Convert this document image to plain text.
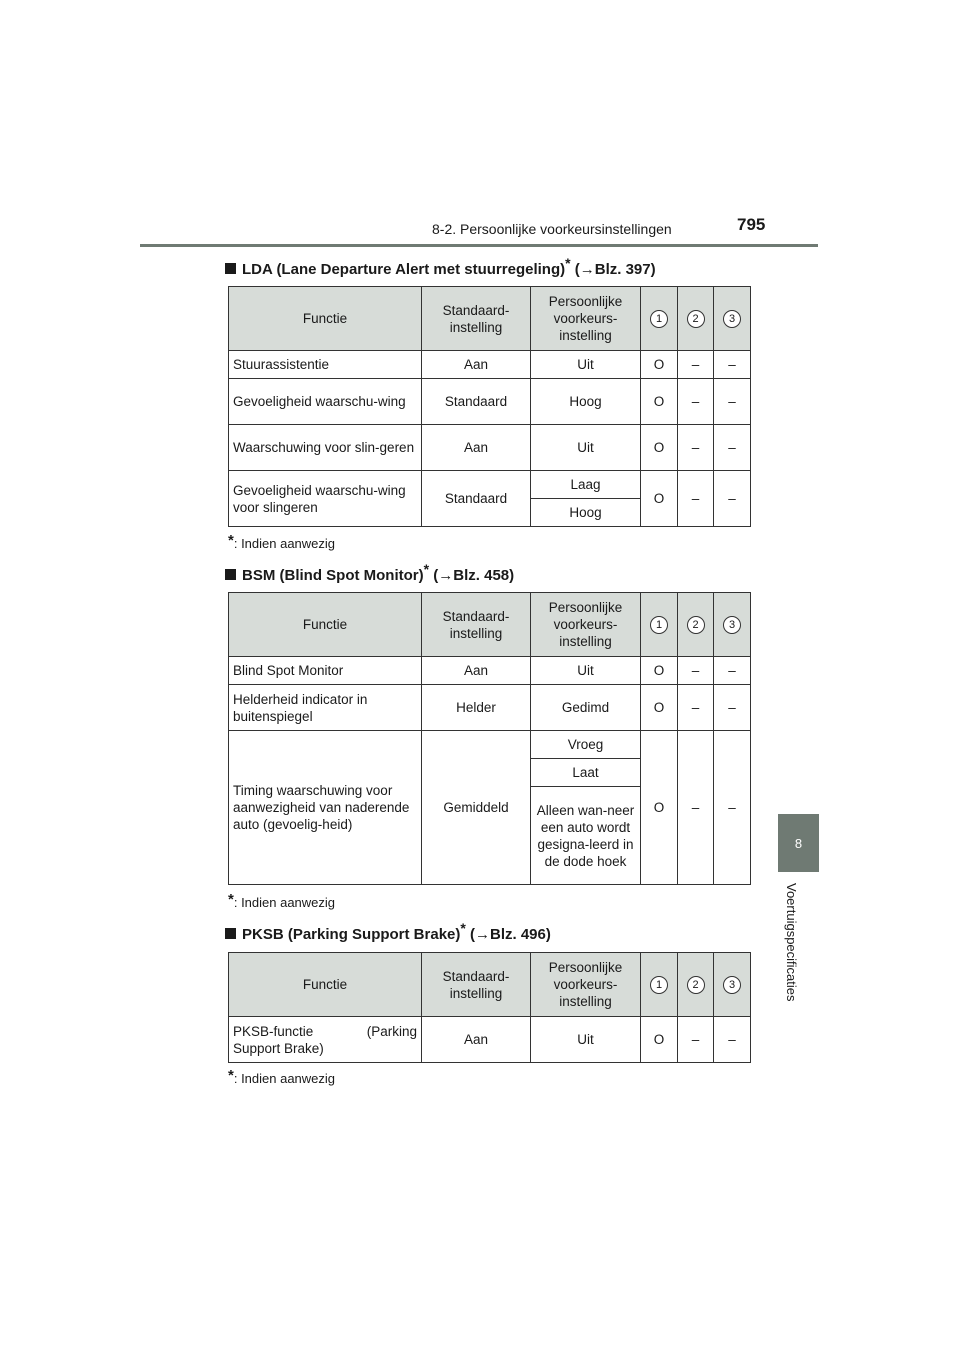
8-2. Persoonlijke voorkeursinstellingen	795
8
Voertuigspecificaties
LDA (Lane Departure Alert met stuurregeling)* (→Blz. 397)
Functie	Standaard-instelling	Persoonlijke voorkeurs-instelling	1	2	3
Stuurassistentie	Aan	Uit	O	–	–
Gevoeligheid waarschu-wing	Standaard	Hoog	O	–	–
Waarschuwing voor slin-geren	Aan	Uit	O	–	–
Gevoeligheid waarschu-wing voor slingeren	Standaard	Laag	O	–	–
		Hoog			
*: Indien aanwezig
BSM (Blind Spot Monitor)* (→Blz. 458)
Functie	Standaard-instelling	Persoonlijke voorkeurs-instelling	1	2	3
Blind Spot Monitor	Aan	Uit	O	–	–
Helderheid indicator in buitenspiegel	Helder	Gedimd	O	–	–
Timing waarschuwing voor aanwezigheid van naderende auto (gevoelig-heid)	Gemiddeld	Vroeg	O	–	–
		Laat			
		Alleen wan-neer een auto wordt gesigna-leerd in de dode hoek			
*: Indien aanwezig
PKSB (Parking Support Brake)* (→Blz. 496)
Functie	Standaard-instelling	Persoonlijke voorkeurs-instelling	1	2	3
PKSB-functie (Parking Support Brake)	Aan	Uit	O	–	–
*: Indien aanwezig
